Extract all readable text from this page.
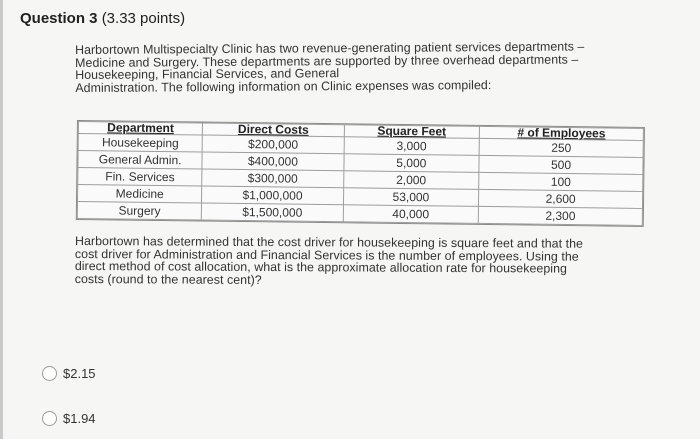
Question 3 (3.33 points)
Harbortown Multispecialty Clinic has two revenue-generating patient services departments –
Medicine and Surgery. These departments are supported by three overhead departments –
Housekeeping, Financial Services, and General
Administration. The following information on Clinic expenses was compiled:
Department	Direct Costs	Square Feet	# of Employees
Housekeeping	$200,000	3,000	250
General Admin.	$400,000	5,000	500
Fin. Services	$300,000	2,000	100
Medicine	$1,000,000	53,000	2,600
Surgery	$1,500,000	40,000	2,300
Harbortown has determined that the cost driver for housekeeping is square feet and that the
cost driver for Administration and Financial Services is the number of employees. Using the
direct method of cost allocation, what is the approximate allocation rate for housekeeping
costs (round to the nearest cent)?
$2.15
$1.94
